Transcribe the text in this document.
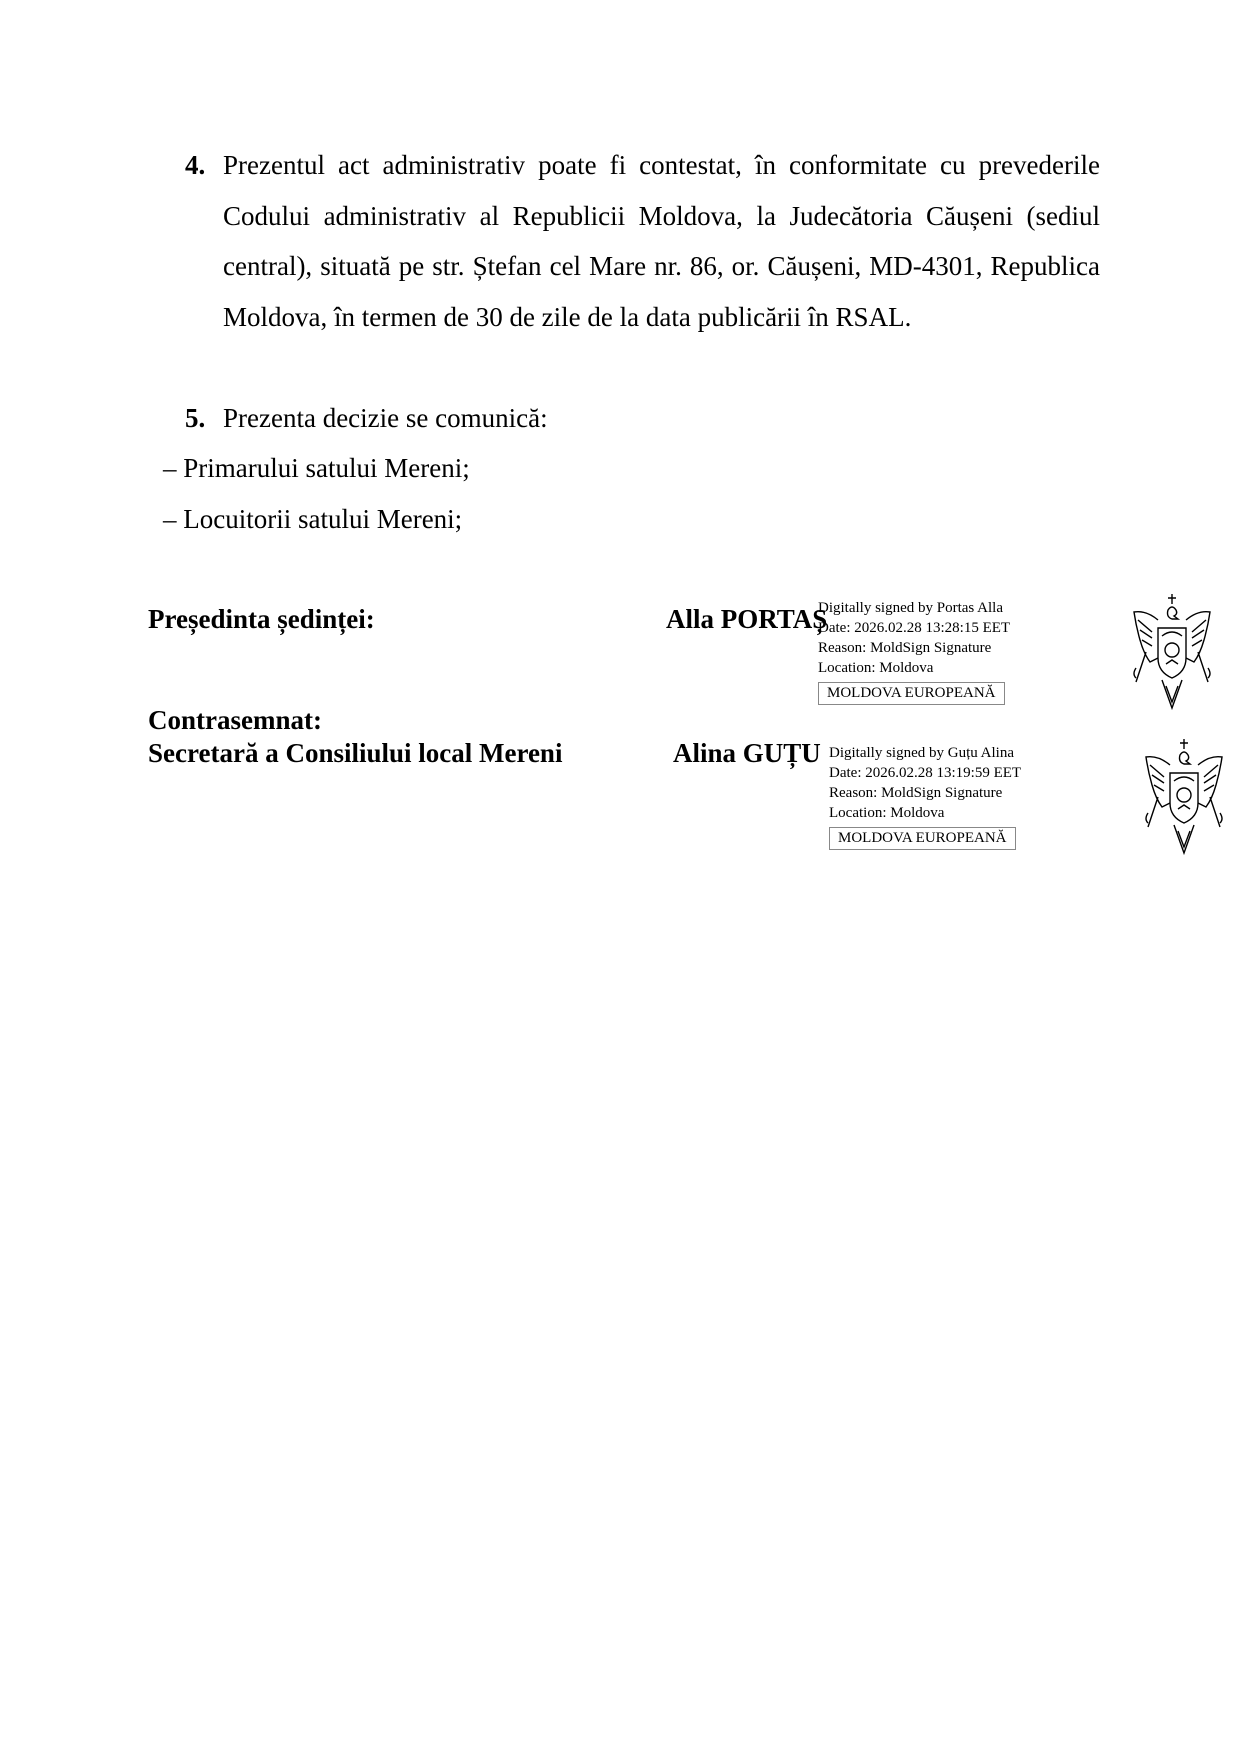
4. Prezentul act administrativ poate fi contestat, în conformitate cu prevederile Codului administrativ al Republicii Moldova, la Judecătoria Căușeni (sediul central), situată pe str. Ștefan cel Mare nr. 86, or. Căușeni, MD-4301, Republica Moldova, în termen de 30 de zile de la data publicării în RSAL.
5. Prezenta decizie se comunică:
– Primarului satului Mereni;
– Locuitorii satului Mereni;
Președinta ședinței:	Alla PORTAȘ
Contrasemnat:
Secretară a Consiliului local Mereni	Alina GUȚU
Digitally signed by Portas Alla
Date: 2026.02.28 13:28:15 EET
Reason: MoldSign Signature
Location: Moldova
MOLDOVA EUROPEANĂ
Digitally signed by Guțu Alina
Date: 2026.02.28 13:19:59 EET
Reason: MoldSign Signature
Location: Moldova
MOLDOVA EUROPEANĂ
